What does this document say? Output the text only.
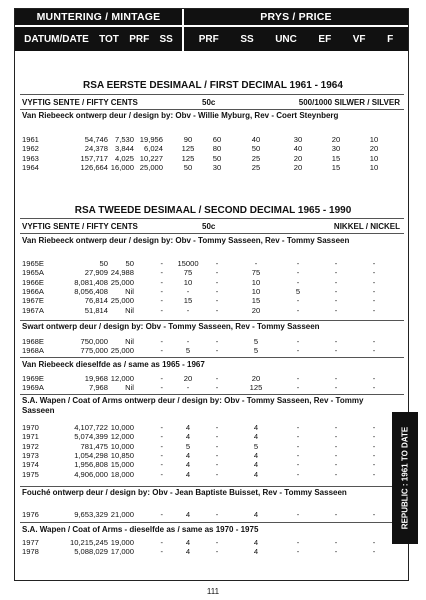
MUNTERING / MINTAGE	PRYS / PRICE
DATUM/DATE TOT PRF SS	PRF SS UNC EF VF F
RSA EERSTE DESIMAAL / FIRST DECIMAL 1961 - 1964
VYFTIG SENTE / FIFTY CENTS	50c	500/1000 SILWER / SILVER
Van Riebeeck ontwerp deur / design by: Obv - Willie Myburg, Rev - Coert Steynberg
RSA TWEEDE DESIMAAL / SECOND DECIMAL 1965 - 1990
VYFTIG SENTE / FIFTY CENTS	50c	NIKKEL / NICKEL
Van Riebeeck ontwerp deur / design by: Obv - Tommy Sasseen, Rev - Tommy Sasseen
Swart ontwerp deur / design by: Obv - Tommy Sasseen, Rev - Tommy Sasseen
Van Riebeeck dieselfde as / same as 1965 - 1967
S.A. Wapen / Coat of Arms ontwerp deur / design by: Obv - Tommy Sasseen, Rev - Tommy Sasseen
Fouché ontwerp deur / design by: Obv - Jean Baptiste Buisset, Rev - Tommy Sasseen
S.A. Wapen / Coat of Arms - dieselfde as / same as 1970 - 1975
1961	54,746 7,530 19,956	90	60	40	30	20	10
1962	24,378 3,844 6,024	125	80	50	40	30	20
1963	157,717 4,025 10,227	125	50	25	20	15	10
1964	126,664 16,000 25,000	50	30	25	20	15	10
1965E	50 50	- 15000	-	-	-	-	-
1965A	27,909 24,988	-	75	-	75	-	-	-
1966E	8,081,408 25,000	-	10	-	10	-	-	-
1966A	8,056,408 Nil	-	-	-	10	5	-	-
1967E	76,814 25,000	-	15	-	15	-	-	-
1967A	51,814 Nil	-	-	-	20	-	-	-
1968E	750,000 Nil	-	-	-	5	-	-	-
1968A	775,000 25,000	-	5	-	5	-	-	-
1969E	19,968 12,000	-	20	-	20	-	-	-
1969A	7,968 Nil	-	-	-	125	-	-	-
1970	4,107,722 10,000	-	4	-	4	-	-	-
1971	5,074,399 12,000	-	4	-	4	-	-	-
1972	781,475 10,000	-	5	-	5	-	-	-
1973	1,054,298 10,850	-	4	-	4	-	-	-
1974	1,956,808 15,000	-	4	-	4	-	-	-
1975	4,906,000 18,000	-	4	-	4	-	-	-
1976	9,653,329 21,000	-	4	-	4	-	-	-
1977	10,215,245 19,000	-	4	-	4	-	-	-
1978	5,088,029 17,000	-	4	-	4	-	-	-
REPUBLIC : 1961 TO DATE
111
